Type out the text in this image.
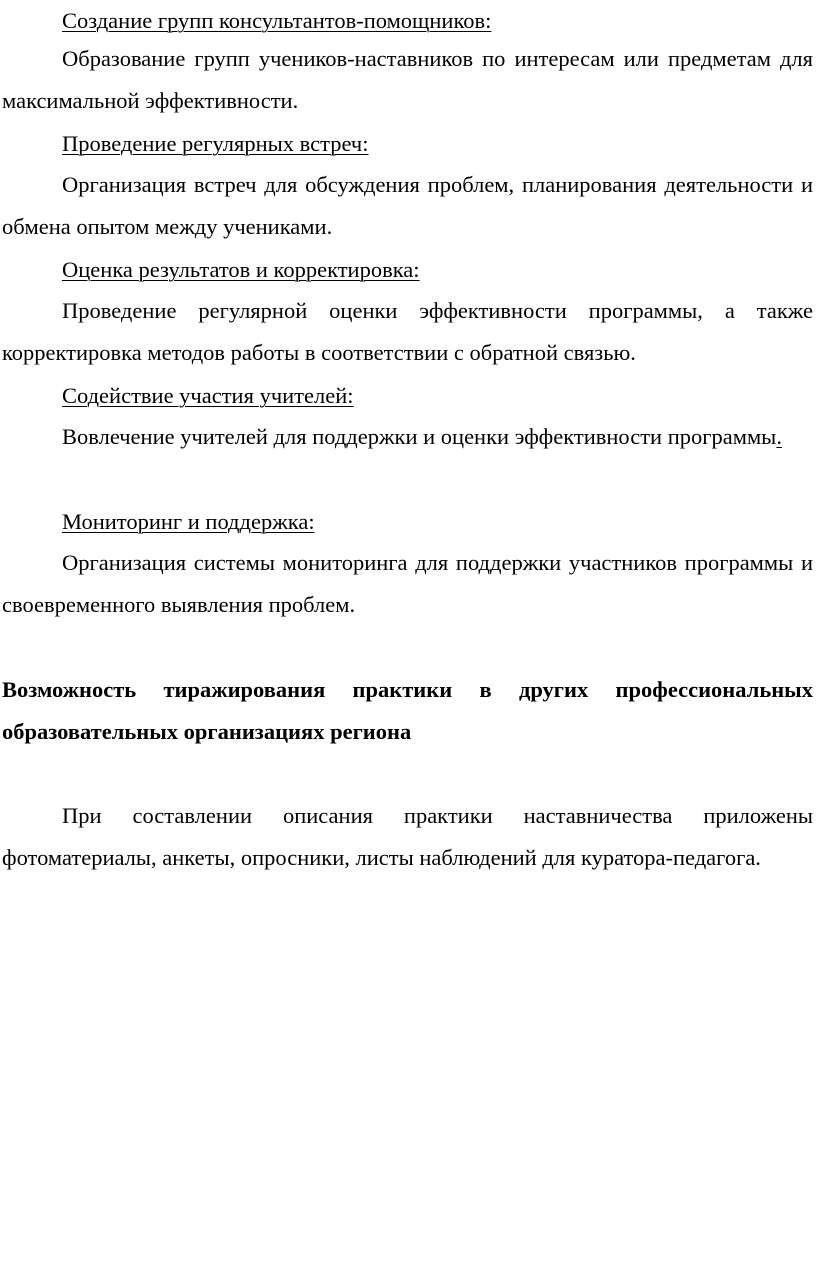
Создание групп консультантов-помощников:

Образование групп учеников-наставников по интересам или предметам для максимальной эффективности.

Проведение регулярных встреч:

Организация встреч для обсуждения проблем, планирования деятельности и обмена опытом между учениками.

Оценка результатов и корректировка:

Проведение регулярной оценки эффективности программы, а также корректировка методов работы в соответствии с обратной связью.

Содействие участия учителей:

Вовлечение учителей для поддержки и оценки эффективности программы.

Мониторинг и поддержка:

Организация системы мониторинга для поддержки участников программы и своевременного выявления проблем.

Возможность тиражирования практики в других профессиональных образовательных организациях региона

При составлении описания практики наставничества приложены фотоматериалы, анкеты, опросники, листы наблюдений для куратора-педагога.
